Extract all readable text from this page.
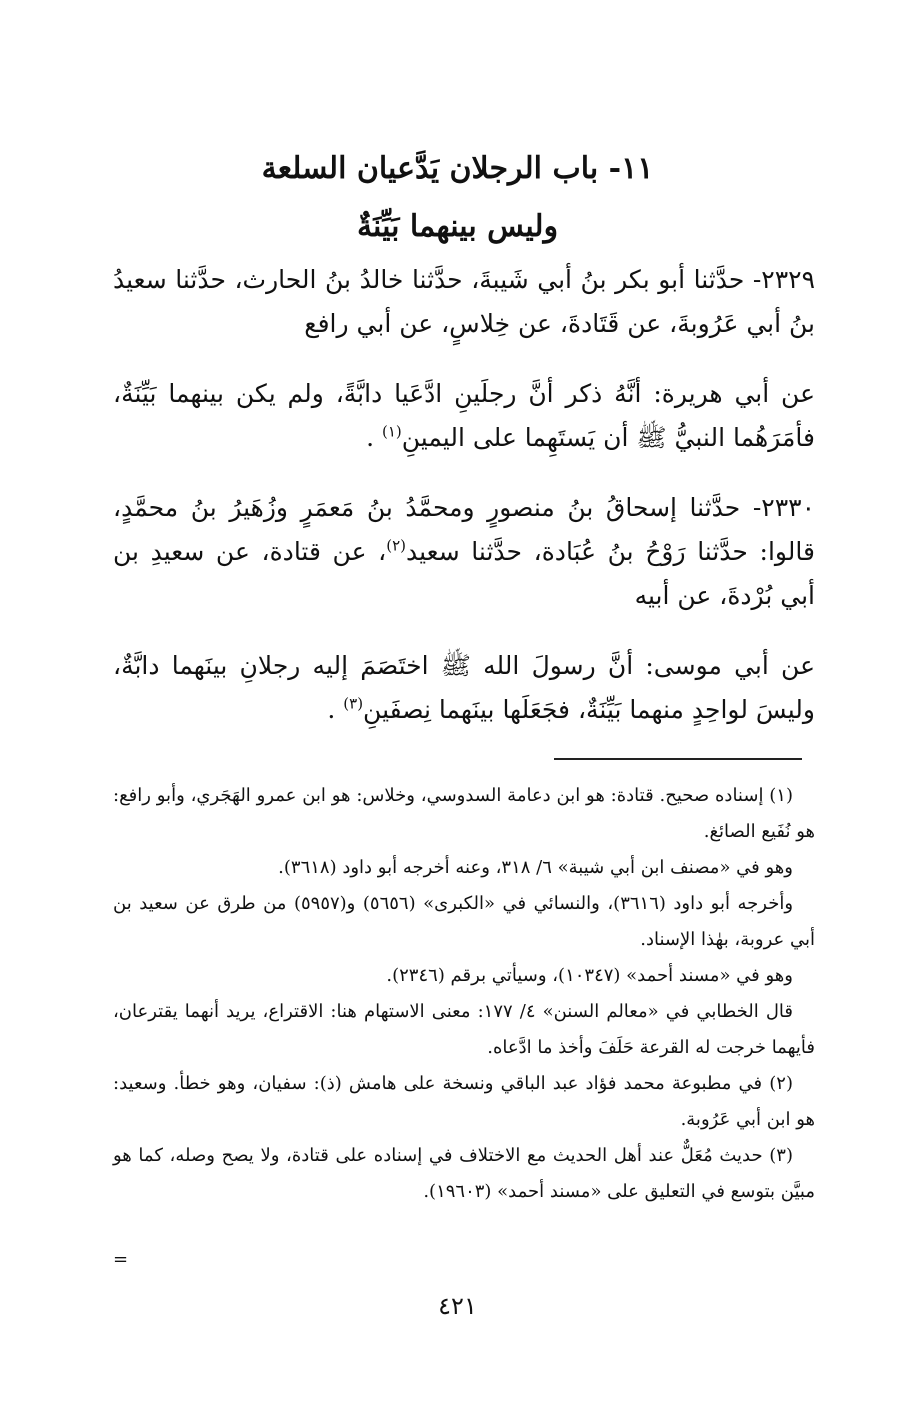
١١- باب الرجلان يَدَّعيان السلعة
وليس بينهما بَيِّنَةٌ

٢٣٢٩- حدَّثنا أبو بكر بنُ أبي شَيبةَ، حدَّثنا خالدُ بنُ الحارث، حدَّثنا سعيدُ بنُ أبي عَرُوبةَ، عن قَتَادةَ، عن خِلاسٍ، عن أبي رافع

عن أبي هريرة: أنَّهُ ذكر أنَّ رجلَينِ ادَّعَيا دابَّةً، ولم يكن بينهما بَيِّنَةٌ، فأمَرَهُما النبيُّ ﷺ أن يَستَهِما على اليمينِ$^{(١)}$ .

٢٣٣٠- حدَّثنا إسحاقُ بنُ منصورٍ ومحمَّدُ بنُ مَعمَرٍ وزُهَيرُ بنُ محمَّدٍ، قالوا: حدَّثنا رَوْحُ بنُ عُبَادة، حدَّثنا سعيد$^{(٢)}$، عن قتادة، عن سعيدِ بن أبي بُرْدةَ، عن أبيه

عن أبي موسى: أنَّ رسولَ الله ﷺ اختَصَمَ إليه رجلانِ بينَهما دابَّةٌ، وليسَ لواحِدٍ منهما بَيِّنَةٌ، فجَعَلَها بينَهما نِصفَينِ$^{(٣)}$ .

(١) إسناده صحيح. قتادة: هو ابن دعامة السدوسي، وخلاس: هو ابن عمرو الهَجَري، وأبو رافع: هو نُفَيع الصائغ.

وهو في «مصنف ابن أبي شيبة» ٦/ ٣١٨، وعنه أخرجه أبو داود (٣٦١٨).

وأخرجه أبو داود (٣٦١٦)، والنسائي في «الكبرى» (٥٦٥٦) و(٥٩٥٧) من طرق عن سعيد بن أبي عروبة، بهٰذا الإسناد.

وهو في «مسند أحمد» (١٠٣٤٧)، وسيأتي برقم (٢٣٤٦).

قال الخطابي في «معالم السنن» ٤/ ١٧٧: معنى الاستهام هنا: الاقتراع، يريد أنهما يقترعان، فأيهما خرجت له القرعة حَلَفَ وأخذ ما ادَّعاه.

(٢) في مطبوعة محمد فؤاد عبد الباقي ونسخة على هامش (ذ): سفيان، وهو خطأ. وسعيد: هو ابن أبي عَرُوبة.

(٣) حديث مُعَلٌّ عند أهل الحديث مع الاختلاف في إسناده على قتادة، ولا يصح وصله، كما هو مبيَّن بتوسع في التعليق على «مسند أحمد» (١٩٦٠٣).

=
٤٢١
